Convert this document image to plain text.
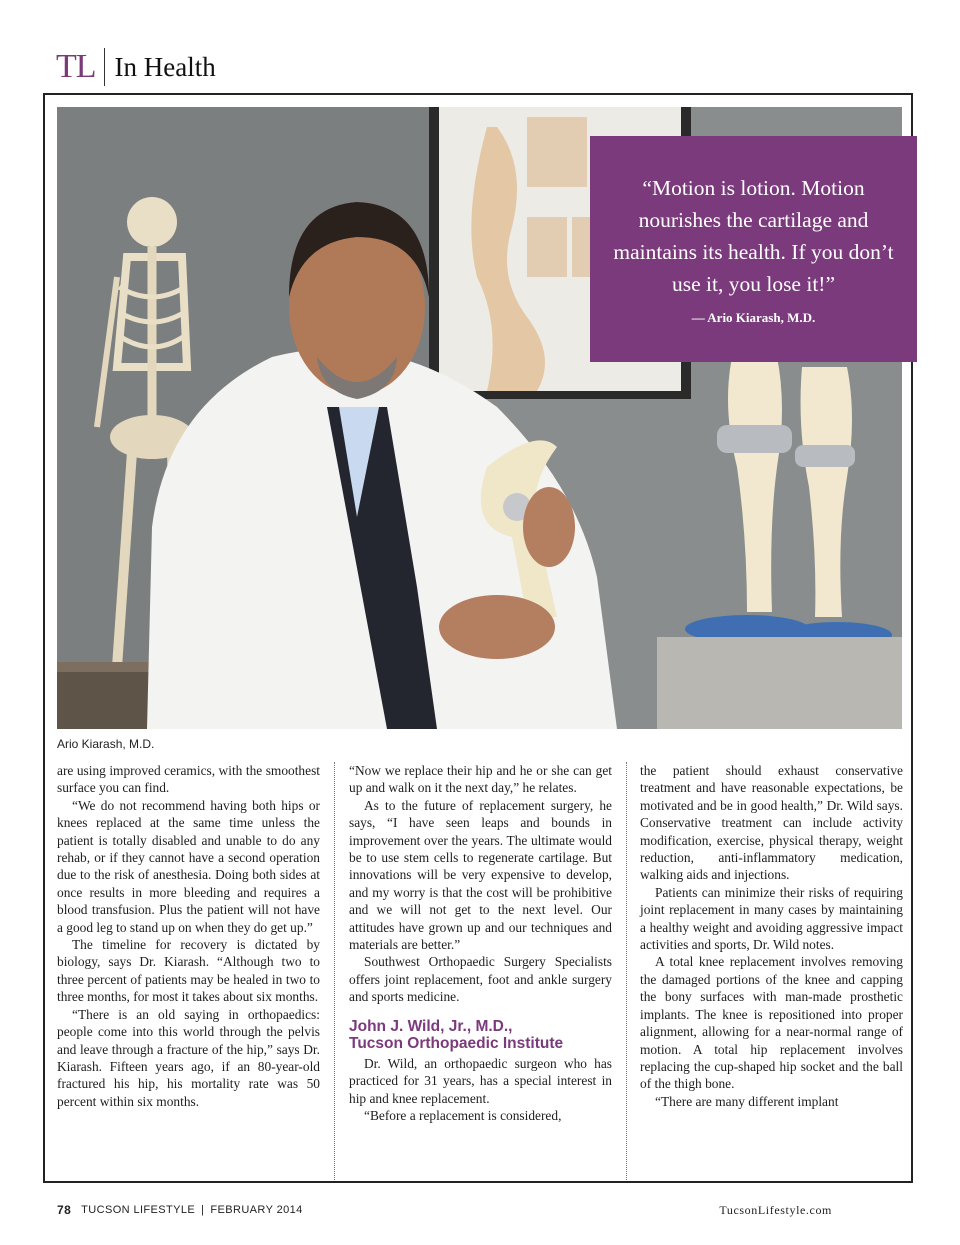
TL In Health

“Motion is lotion. Motion nourishes the cartilage and maintains its health. If you don’t use it, you lose it!”

— Ario Kiarash, M.D.
Ario Kiarash, M.D.

are using improved ceramics, with the smoothest surface you can find.

“We do not recommend having both hips or knees replaced at the same time unless the patient is totally disabled and unable to do any rehab, or if they cannot have a second operation due to the risk of anesthesia. Doing both sides at once results in more bleeding and requires a blood transfusion. Plus the patient will not have a good leg to stand up on when they do get up.”

The timeline for recovery is dictated by biology, says Dr. Kiarash. “Although two to three percent of patients may be healed in two to three months, for most it takes about six months.

“There is an old saying in orthopaedics: people come into this world through the pelvis and leave through a fracture of the hip,” says Dr. Kiarash. Fifteen years ago, if an 80-year-old fractured his hip, his mortality rate was 50 percent within six months.

“Now we replace their hip and he or she can get up and walk on it the next day,” he relates.

As to the future of replacement surgery, he says, “I have seen leaps and bounds in improvement over the years. The ultimate would be to use stem cells to regenerate cartilage. But innovations will be very expensive to develop, and my worry is that the cost will be prohibitive and we will not get to the next level. Our attitudes have grown up and our techniques and materials are better.”

Southwest Orthopaedic Surgery Specialists offers joint replacement, foot and ankle surgery and sports medicine.

John J. Wild, Jr., M.D.,
Tucson Orthopaedic Institute

Dr. Wild, an orthopaedic surgeon who has practiced for 31 years, has a special interest in hip and knee replacement.

“Before a replacement is considered,

the patient should exhaust conservative treatment and have reasonable expectations, be motivated and be in good health,” Dr. Wild says. Conservative treatment can include activity modification, exercise, physical therapy, weight reduction, anti-inflammatory medication, walking aids and injections.

Patients can minimize their risks of requiring joint replacement in many cases by maintaining a healthy weight and avoiding aggressive impact activities and sports, Dr. Wild notes.

A total knee replacement involves removing the damaged portions of the knee and capping the bony surfaces with man-made prosthetic implants. The knee is repositioned into proper alignment, allowing for a near-normal range of motion. A total hip replacement involves replacing the cup-shaped hip socket and the ball of the thigh bone.

“There are many different implant

78 TUCSON LIFESTYLE | FEBRUARY 2014	TucsonLifestyle.com
